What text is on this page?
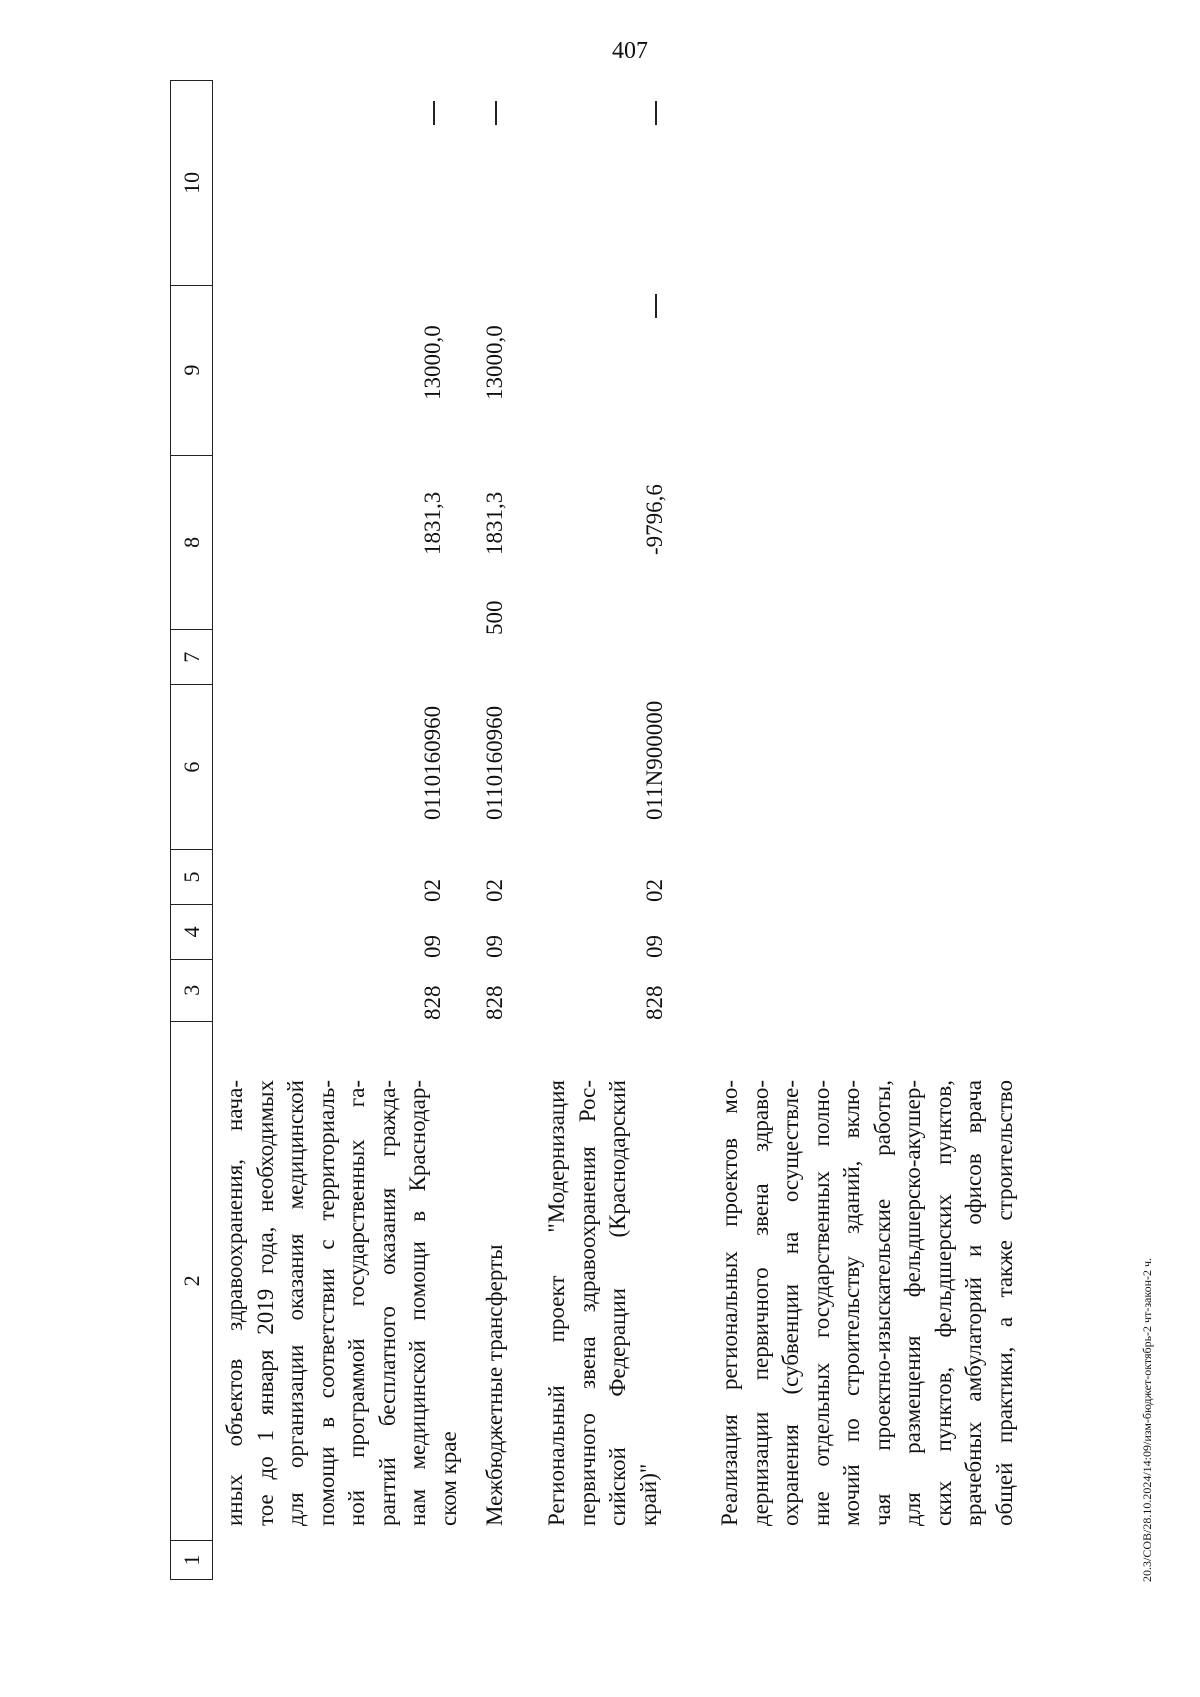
407
20.3/СОВ/28.10.2024/14:09/изм-бюджет-октябрь-2 чт-закон-2 ч.
1
2
3
4
5
6
7
8
9
10
иных объектов здравоохранения, нача- тое до 1 января 2019 года, необходимых для организации оказания медицинской помощи в соответствии с территориаль- ной программой государственных га- рантий бесплатного оказания гражда- нам медицинской помощи в Краснодар- ском крае
828
09
02
0110160960
1831,3
13000,0
Межбюджетные трансферты
828
09
02
0110160960
500
1831,3
13000,0
Региональный проект "Модернизация первичного звена здравоохранения Рос- сийской Федерации (Краснодарский край)"
828
09
02
011N900000
-9796,6
Реализация региональных проектов мо- дернизации первичного звена здраво- охранения (субвенции на осуществле- ние отдельных государственных полно- мочий по строительству зданий, вклю- чая проектно-изыскательские работы, для размещения фельдшерско-акушер- ских пунктов, фельдшерских пунктов, врачебных амбулаторий и офисов врача общей практики, а также строительство
